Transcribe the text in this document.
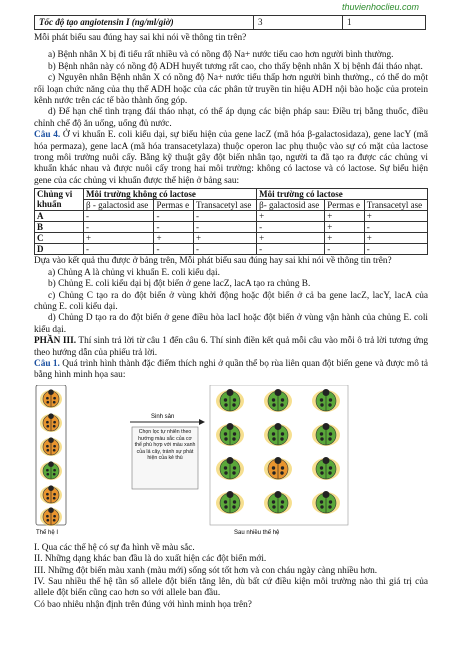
thuvienhoclieu.com
Tốc độ tạo angiotensin I (ng/ml/giờ)	3	1

Mỗi phát biểu sau đúng hay sai khi nói về thông tin trên?

a) Bệnh nhân X bị đi tiểu rất nhiều và có nồng độ Na+ nước tiểu cao hơn người bình thường.

b) Bệnh nhân này có nồng độ ADH huyết tương rất cao, cho thấy bệnh nhân X bị bệnh đái tháo nhạt.

c) Nguyên nhân Bệnh nhân X có nồng độ Na+ nước tiểu thấp hơn người bình thường., có thể do một rối loạn chức năng của thụ thể ADH hoặc của các phân tử truyền tin hiệu ADH nội bào hoặc của protein kênh nước trên các tế bào thành ống góp.

d) Để hạn chế tình trạng đái tháo nhạt, có thể áp dụng các biện pháp sau: Điều trị bằng thuốc, điều chỉnh chế độ ăn uống, uống đủ nước.

Câu 4. Ở vi khuẩn E. coli kiểu dại, sự biểu hiện của gene lacZ (mã hóa β-galactosidaza), gene lacY (mã hóa permaza), gene lacA (mã hóa transacetylaza) thuộc operon lac phụ thuộc vào sự có mặt của lactose trong môi trường nuôi cấy. Bằng kỹ thuật gây đột biến nhân tạo, người ta đã tạo ra được các chủng vi khuẩn khác nhau và được nuôi cấy trong hai môi trường: không có lactose và có lactose. Sự biểu hiện gene của các chủng vi khuẩn được thể hiện ở bảng sau:

Chủng vi khuẩn	Môi trường không có lactose			Môi trường có lactose		
	β - galactosid ase	Permas e	Transacetyl ase	β- galactosid ase	Permas e	Transacetyl ase
A	-	-	-	+	+	+
B	-	-	-	-	+	-
C	+	+	+	+	+	+
D	-	-	-	-	-	-

Dựa vào kết quả thu được ở bảng trên, Mỗi phát biểu sau đúng hay sai khi nói về thông tin trên?

a) Chủng A là chủng vi khuẩn E. coli kiểu dại.

b) Chủng E. coli kiểu dại bị đột biến ở gene lacZ, lacA tạo ra chủng B.

c) Chủng C tạo ra do đột biến ở vùng khởi động hoặc đột biến ở cả ba gene lacZ, lacY, lacA của chủng E. coli kiểu dại.

d) Chủng D tạo ra do đột biến ở gene điều hòa lacI hoặc đột biến ở vùng vận hành của chủng E. coli kiểu dại.

PHẦN III. Thí sinh trả lời từ câu 1 đến câu 6. Thí sinh điền kết quả mỗi câu vào mỗi ô trả lời tương ứng theo hướng dẫn của phiếu trả lời.

Câu 1. Quá trình hình thành đặc điểm thích nghi ở quần thể bọ rùa liên quan đột biến gene và được mô tả bằng hình minh họa sau:

Sinh sản
Chọn lọc tự nhiên theo hướng màu sắc của cơ thể phù hợp với màu xanh của lá cây, tránh sự phát hiện của kẻ thù
Thế hệ I	Sau nhiều thế hệ

I. Qua các thế hệ có sự đa hình về màu sắc.

II. Những dạng khác ban đầu là do xuất hiện các đột biến mới.

III. Những đột biến màu xanh (màu mới) sống sót tốt hơn và con cháu ngày càng nhiều hơn.

IV. Sau nhiều thế hệ tần số allele đột biến tăng lên, dù bất cứ điều kiện môi trường nào thì giá trị của allele đột biến cũng cao hơn so với allele ban đầu.

Có bao nhiêu nhận định trên đúng với hình minh họa trên?
